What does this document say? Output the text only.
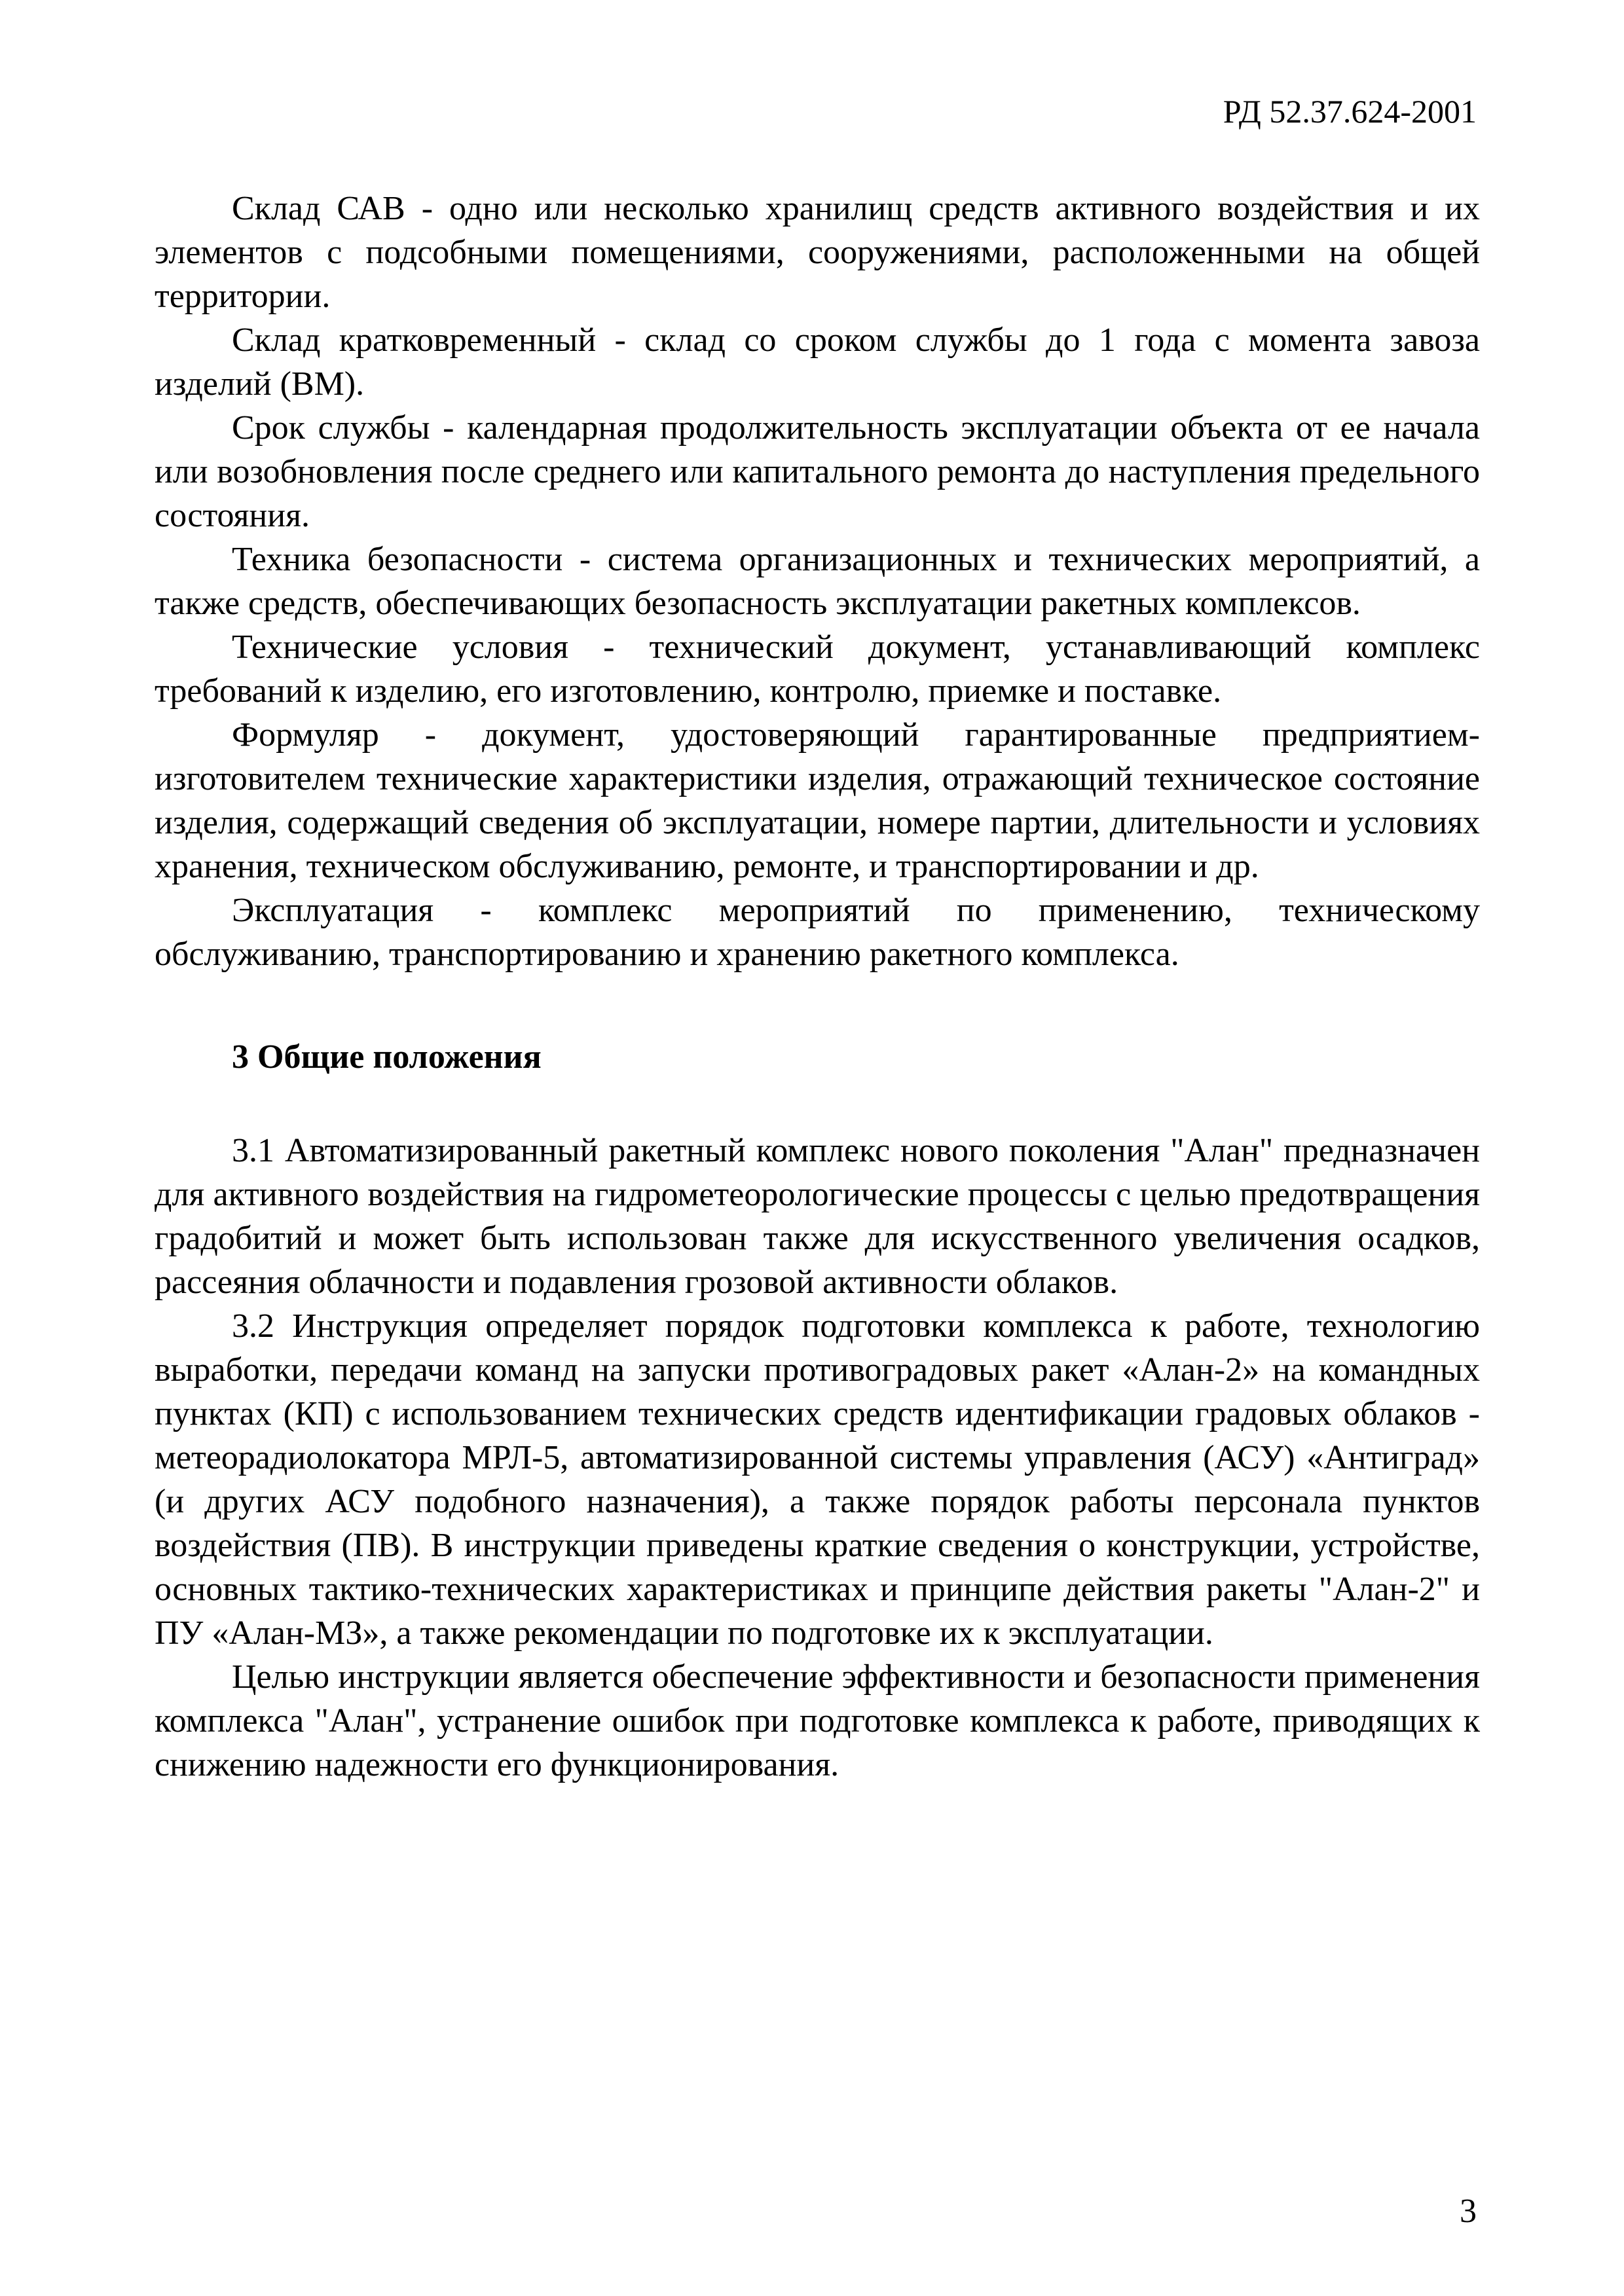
РД 52.37.624-2001

Склад САВ - одно или несколько хранилищ средств активного воздействия и их элементов с подсобными помещениями, сооружениями, расположенными на общей территории.

Склад кратковременный - склад со сроком службы до 1 года с момента завоза изделий (ВМ).

Срок службы - календарная продолжительность эксплуатации объекта от ее начала или возобновления после среднего или капитального ремонта до наступления предельного состояния.

Техника безопасности - система организационных и технических мероприятий, а также средств, обеспечивающих безопасность эксплуатации ракетных комплексов.

Технические условия - технический документ, устанавливающий комплекс требований к изделию, его изготовлению, контролю, приемке и поставке.

Формуляр - документ, удостоверяющий гарантированные предприятием-изготовителем технические характеристики изделия, отражающий техническое состояние изделия, содержащий сведения об эксплуатации, номере партии, длительности и условиях хранения, техническом обслуживанию, ремонте, и транспортировании и др.

Эксплуатация - комплекс мероприятий по применению, техническому обслуживанию, транспортированию и хранению ракетного комплекса.

3 Общие положения

3.1 Автоматизированный ракетный комплекс нового поколения "Алан" предназначен для активного воздействия на гидрометеорологические процессы с целью предотвращения градобитий и может быть использован также для искусственного увеличения осадков, рассеяния облачности и подавления грозовой активности облаков.

3.2 Инструкция определяет порядок подготовки комплекса к работе, технологию выработки, передачи команд на запуски противоградовых ракет «Алан-2» на командных пунктах (КП) с использованием технических средств идентификации градовых облаков - метеорадиолокатора МРЛ-5, автоматизированной системы управления (АСУ) «Антиград» (и других АСУ подобного назначения), а также порядок работы персонала пунктов воздействия (ПВ). В инструкции приведены краткие сведения о конструкции, устройстве, основных тактико-технических характеристиках и принципе действия ракеты "Алан-2" и ПУ «Алан-МЗ», а также рекомендации по подготовке их к эксплуатации.

Целью инструкции является обеспечение эффективности и безопасности применения комплекса "Алан", устранение ошибок при подготовке комплекса к работе, приводящих к снижению надежности его функционирования.

3
